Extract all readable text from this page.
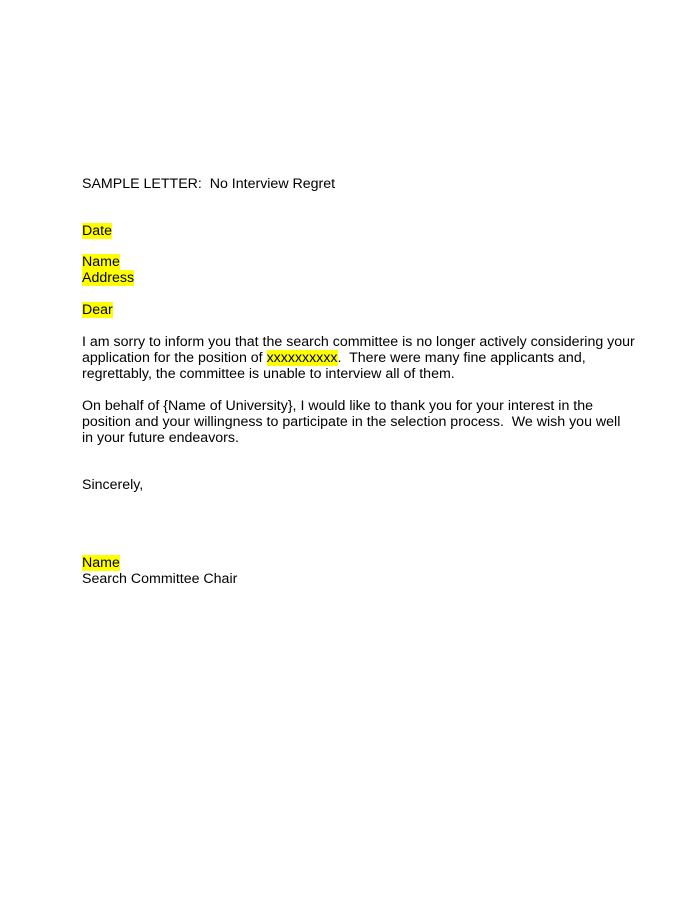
SAMPLE LETTER:  No Interview Regret

Date

Name

Address

Dear

I am sorry to inform you that the search committee is no longer actively considering your

application for the position of xxxxxxxxxx.  There were many fine applicants and,

regrettably, the committee is unable to interview all of them.

On behalf of {Name of University}, I would like to thank you for your interest in the

position and your willingness to participate in the selection process.  We wish you well

in your future endeavors.

Sincerely,

Name

Search Committee Chair
